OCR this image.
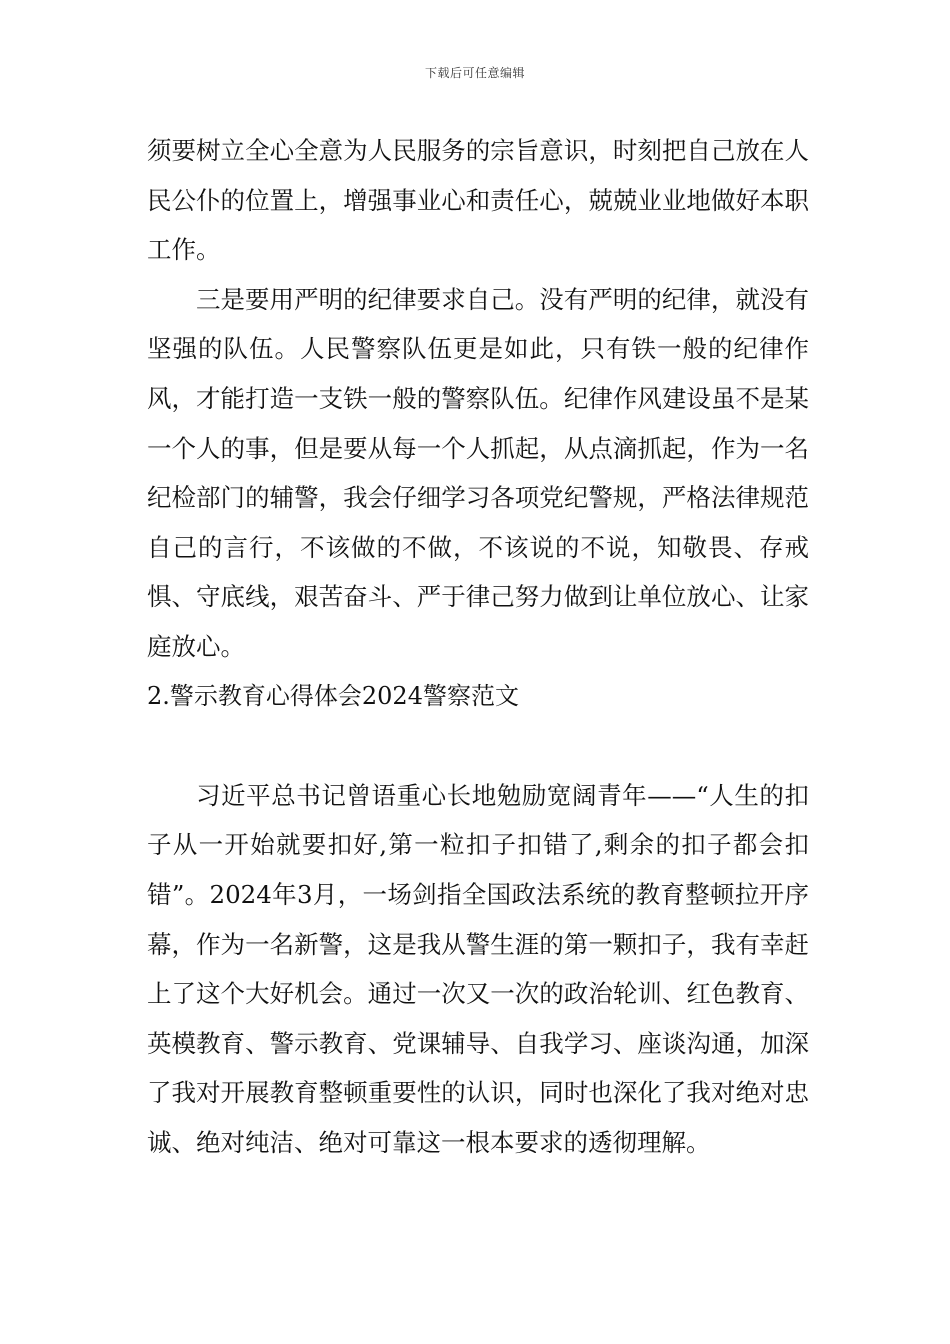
下载后可任意编辑

须要树立全心全意为人民服务的宗旨意识，时刻把自己放在人民公仆的位置上，增强事业心和责任心，兢兢业业地做好本职工作。

三是要用严明的纪律要求自己。没有严明的纪律，就没有坚强的队伍。人民警察队伍更是如此，只有铁一般的纪律作风，才能打造一支铁一般的警察队伍。纪律作风建设虽不是某一个人的事，但是要从每一个人抓起，从点滴抓起，作为一名纪检部门的辅警，我会仔细学习各项党纪警规，严格法律规范自己的言行，不该做的不做，不该说的不说，知敬畏、存戒惧、守底线，艰苦奋斗、严于律己努力做到让单位放心、让家庭放心。

2.警示教育心得体会2024警察范文

习近平总书记曾语重心长地勉励宽阔青年——“人生的扣子从一开始就要扣好,第一粒扣子扣错了,剩余的扣子都会扣错”。2024年3月，一场剑指全国政法系统的教育整顿拉开序幕，作为一名新警，这是我从警生涯的第一颗扣子，我有幸赶上了这个大好机会。通过一次又一次的政治轮训、红色教育、英模教育、警示教育、党课辅导、自我学习、座谈沟通，加深了我对开展教育整顿重要性的认识，同时也深化了我对绝对忠诚、绝对纯洁、绝对可靠这一根本要求的透彻理解。
